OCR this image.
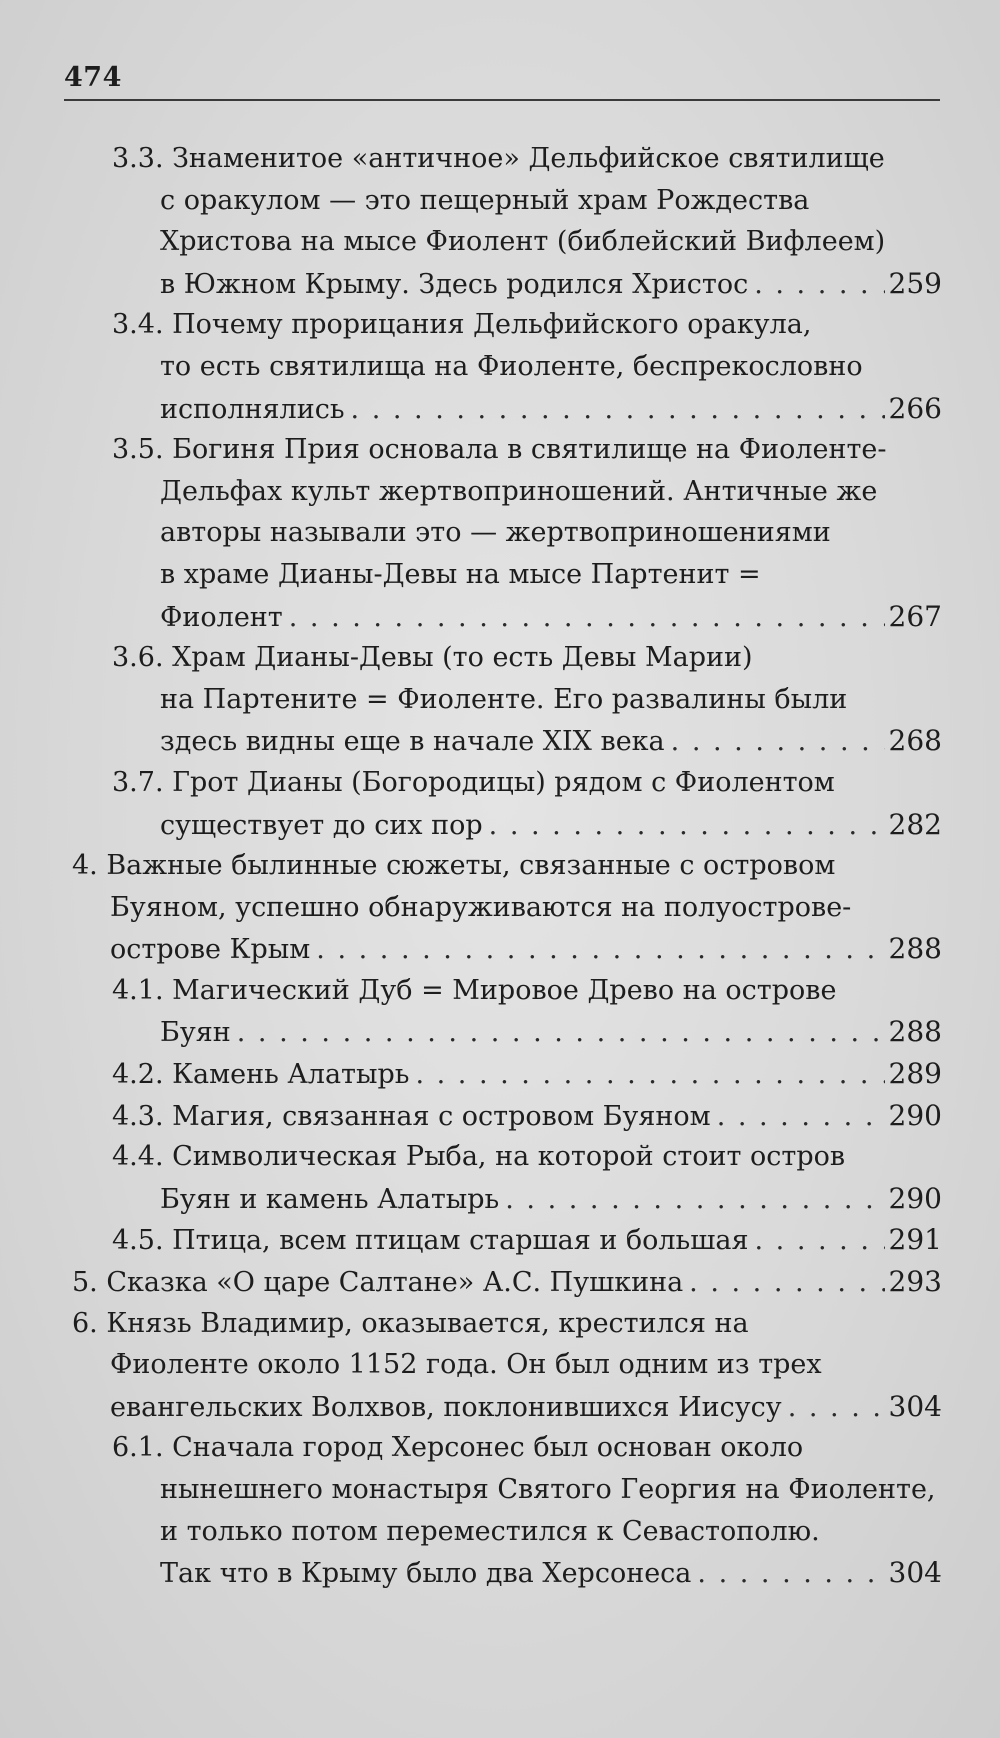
474
3.3. Знаменитое «античное» Дельфийское святилище
с оракулом — это пещерный храм Рождества
Христова на мысе Фиолент (библейский Вифлеем)
в Южном Крыму. Здесь родился Христос . . .	259
3.4. Почему прорицания Дельфийского оракула,
то есть святилища на Фиоленте, беспрекословно
исполнялись . . .	266
3.5. Богиня Прия основала в святилище на Фиоленте-
Дельфах культ жертвоприношений. Античные же
авторы называли это — жертвоприношениями
в храме Дианы-Девы на мысе Партенит =
Фиолент . . .	267
3.6. Храм Дианы-Девы (то есть Девы Марии)
на Партените = Фиоленте. Его развалины были
здесь видны еще в начале XIX века . . .	268
3.7. Грот Дианы (Богородицы) рядом с Фиолентом
существует до сих пор . . .	282
4. Важные былинные сюжеты, связанные с островом
Буяном, успешно обнаруживаются на полуострове-
острове Крым . . .	288
4.1. Магический Дуб = Мировое Древо на острове
Буян . . .	288
4.2. Камень Алатырь . . .	289
4.3. Магия, связанная с островом Буяном . . .	290
4.4. Символическая Рыба, на которой стоит остров
Буян и камень Алатырь . . .	290
4.5. Птица, всем птицам старшая и большая . . .	291
5. Сказка «О царе Салтане» А.С. Пушкина . . .	293
6. Князь Владимир, оказывается, крестился на
Фиоленте около 1152 года. Он был одним из трех
евангельских Волхвов, поклонившихся Иисусу . . .	304
6.1. Сначала город Херсонес был основан около
нынешнего монастыря Святого Георгия на Фиоленте,
и только потом переместился к Севастополю.
Так что в Крыму было два Херсонеса . . .	304
